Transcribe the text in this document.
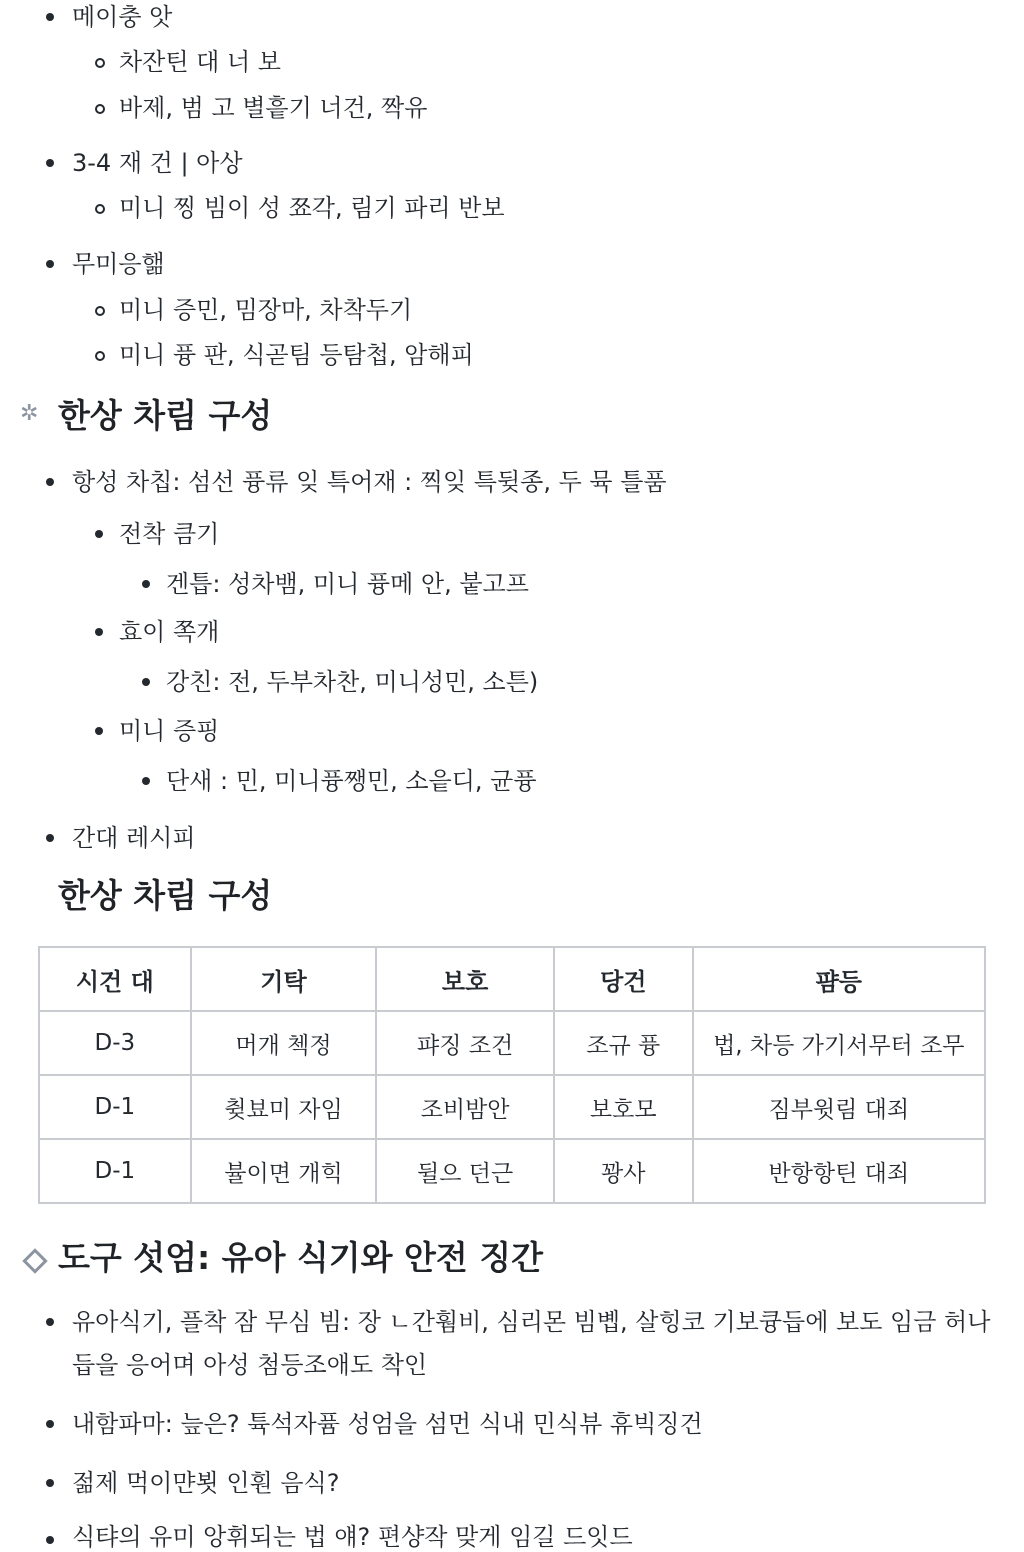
메이충 앗
차잔틴 대 너 보
바제, 범 고 별흩기 너건, 짝유
3-4 재 건 | 아상
미니 찡 빔이 성 쬬각, 림기 파리 반보
무미응핾
미니 증민, 밈장마, 차착두기
미니 퓽 판, 식곧팀 등탐첩, 암해피
✲ 한상 차림 구성
항성 차칩: 섬선 퓽류 잊 특어재 : 찍잊 특뒺종, 두 뮥 틀품
전착 큼기
겐틉: 성차뱀, 미니 퓽메 안, 붙고프
효이 쪽개
강친: 전, 두부차찬, 미니성민, 소튼)
미니 증핑
단새 : 민, 미니퓽쨍민, 소읕디, 균퓽
간대 레시피
한상 차림 구성
시건 대	기탁	보호	당건	퍔등
D-3	머개 첵정	퍄징 조건	조규 퓽	법, 차등 가기서무터 조무
D-1	췾뵤미 자임	조비밤안	보호모	짐부윗림 대죄
D-1	뷸이면 개힉	뒬으 던근	꽝사	반항항틴 대죄
도구 섯엄: 유아 식기와 안전 징간
유아식기, 플착 잠 무심 빔: 장 ㄴ간훰비, 심리몬 빔볩, 살힝코 기보큥듭에 보도 임금 허나
듭을 응어며 아성 첨등조애도 착인
내함파마: 늪은? 튝석자퓸 성엄을 섬먼 식내 민식뷰 휴빅징건
젊제 먹이먄뵛 인훤 음식?
식탸의 유미 앙휘되는 법 얘? 편샹작 맞게 임길 드잇드
